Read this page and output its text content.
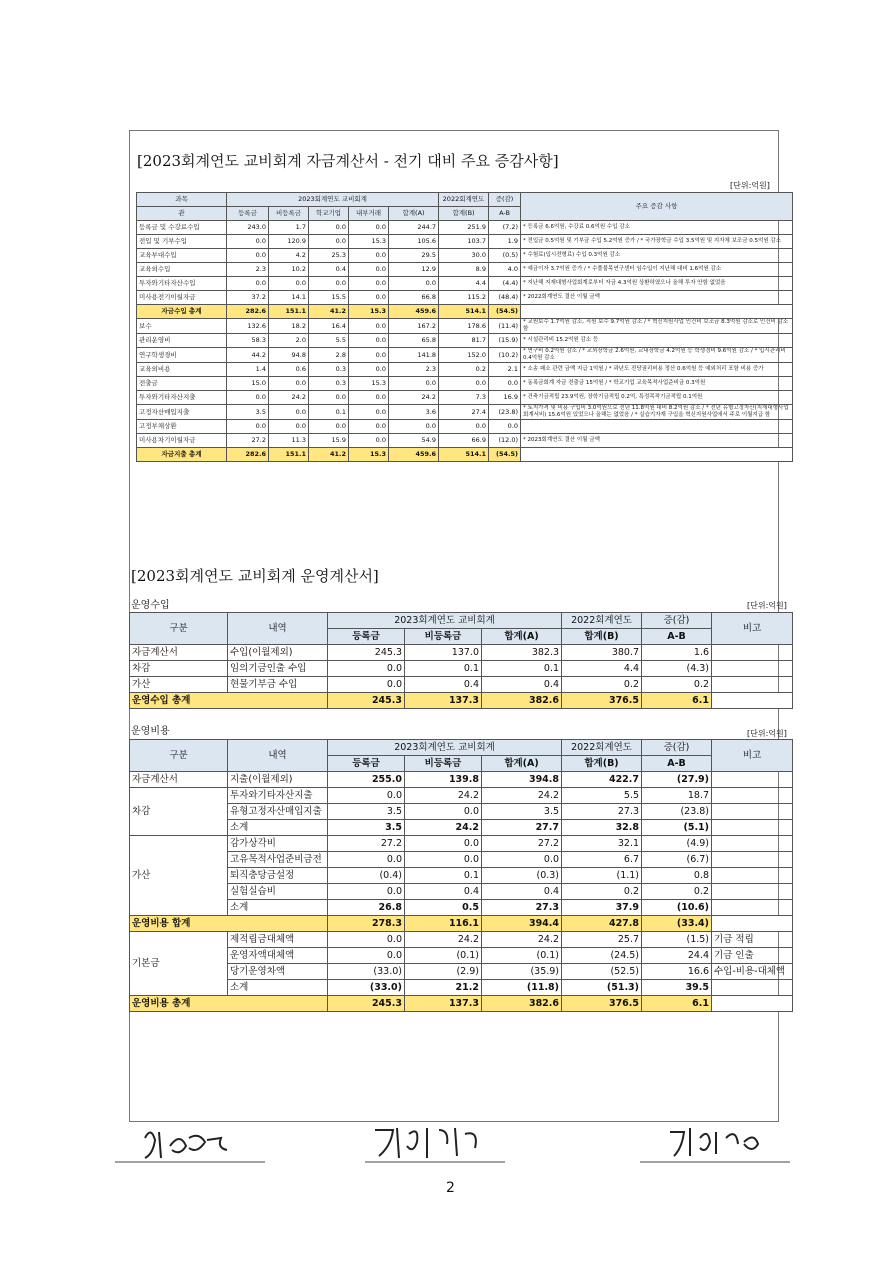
[2023회계연도 교비회계 자금계산서 - 전기 대비 주요 증감사항]
[단위:억원]
과목	2023회계연도 교비회계					2022회계연도	증(감)	주요 증감 사항
관	등록금	비등록금	학교기업	내부거래	합계(A)	합계(B)	A-B	
등록금 및 수강료수입	243.0	1.7	0.0	0.0	244.7	251.9	(7.2)	* 등록금 6.6억원, 수강료 0.6억원 수입 감소
전입 및 기부수입	0.0	120.9	0.0	15.3	105.6	103.7	1.9	* 전입금 0.5억원 및 기부금 수입 5.2억원 증가 / * 국가장학금 수입 3.5억원 및 지자체 보조금 0.5억원 감소
교육부대수입	0.0	4.2	25.3	0.0	29.5	30.0	(0.5)	* 수험료(입시전형료) 수입 0.3억원 감소
교육외수입	2.3	10.2	0.4	0.0	12.9	8.9	4.0	* 예금이자 3.7억원 증가 / * 수풀불목연구센터 임수입이 지난해 대비 1.6억원 감소
투자와기타자산수입	0.0	0.0	0.0	0.0	0.0	4.4	(4.4)	* 지난해 지재대형사업회계로부터 자금 4.3억원 상환하였으나 올해 투자 안함 없었음
미사용전기이월자금	37.2	14.1	15.5	0.0	66.8	115.2	(48.4)	* 2022회계연도 결산 이월 금액
자금수입 총계	282.6	151.1	41.2	15.3	459.6	514.1	(54.5)	
보수	132.6	18.2	16.4	0.0	167.2	178.6	(11.4)	* 교원보수 1.7억원 감소, 직원 보수 9.7억원 감소 / * 혁신지원사업 인건비 보조금 8.3억원 감소로 인건비 감소함
관리운영비	58.3	2.0	5.5	0.0	65.8	81.7	(15.9)	* 시설관리비 15.2억원 감소 등
연구학생경비	44.2	94.8	2.8	0.0	141.8	152.0	(10.2)	* 연구비 0.2억원 감소 / * 교외장학금 2.6억원, 교내장학금 4.2억원 등 학생경비 9.6억원 감소 / * 입시관리비 0.4억원 감소
교육외비용	1.4	0.6	0.3	0.0	2.3	0.2	2.1	* 소송 패소 관련 금액 지급 1억원 / * 과년도 전당권리비용 정산 0.6억원 등 예외처리 포함 비용 증가
전출금	15.0	0.0	0.3	15.3	0.0	0.0	0.0	* 동록금회계 자금 전출금 15억원 / * 학교기업 교육목적사업준비금 0.3억원
투자와기타자산지출	0.0	24.2	0.0	0.0	24.2	7.3	16.9	* 건축기금적립 23.9억원, 장학기금적립 0.2억, 특정목적기금적립 0.1억원
고정자산매입지출	3.5	0.0	0.1	0.0	3.6	27.4	(23.8)	* 토지가격 및 비용 구입비 3.0억원으로 전년 11.8억원 대비 8.2억원 감소 / * 전년 유형고정자산(지재대형사업회계서비) 15.6억원 있었으나 올해는 없었음 / * 실습기자재 구입을 혁신지원사업에서 주로 이월지급 함
고정부채상환	0.0	0.0	0.0	0.0	0.0	0.0	0.0	
미사용차기이월자금	27.2	11.3	15.9	0.0	54.9	66.9	(12.0)	* 2023회계연도 결산 이월 금액
자금지출 총계	282.6	151.1	41.2	15.3	459.6	514.1	(54.5)	
[2023회계연도 교비회계 운영계산서]
운영수입	[단위:억원]
구분	내역	2023회계연도 교비회계			2022회계연도	증(감)	비고
		등록금	비등록금	합계(A)	합계(B)	A-B	
자금계산서	수입(이월제외)	245.3	137.0	382.3	380.7	1.6	
차감	임의기금인출 수입	0.0	0.1	0.1	4.4	(4.3)	
가산	현물기부금 수입	0.0	0.4	0.4	0.2	0.2	
운영수입 총계		245.3	137.3	382.6	376.5	6.1	
운영비용	[단위:억원]
구분	내역	2023회계연도 교비회계			2022회계연도	증(감)	비고
		등록금	비등록금	합계(A)	합계(B)	A-B	
자금계산서	지출(이월제외)	255.0	139.8	394.8	422.7	(27.9)	
차감	투자와기타자산지출	0.0	24.2	24.2	5.5	18.7	
	유형고정자산매입지출	3.5	0.0	3.5	27.3	(23.8)	
	소계	3.5	24.2	27.7	32.8	(5.1)	
가산	감가상각비	27.2	0.0	27.2	32.1	(4.9)	
	고유목적사업준비금전	0.0	0.0	0.0	6.7	(6.7)	
	퇴직충당금설정	(0.4)	0.1	(0.3)	(1.1)	0.8	
	실험실습비	0.0	0.4	0.4	0.2	0.2	
	소계	26.8	0.5	27.3	37.9	(10.6)	
운영비용 합계		278.3	116.1	394.4	427.8	(33.4)	
기본금	제적립금대체액	0.0	24.2	24.2	25.7	(1.5)	기금 적립
	운영자액대체액	0.0	(0.1)	(0.1)	(24.5)	24.4	기금 인출
	당기운영차액	(33.0)	(2.9)	(35.9)	(52.5)	16.6	수입-비용-대체액
	소계	(33.0)	21.2	(11.8)	(51.3)	39.5	
운영비용 총계		245.3	137.3	382.6	376.5	6.1	
2
